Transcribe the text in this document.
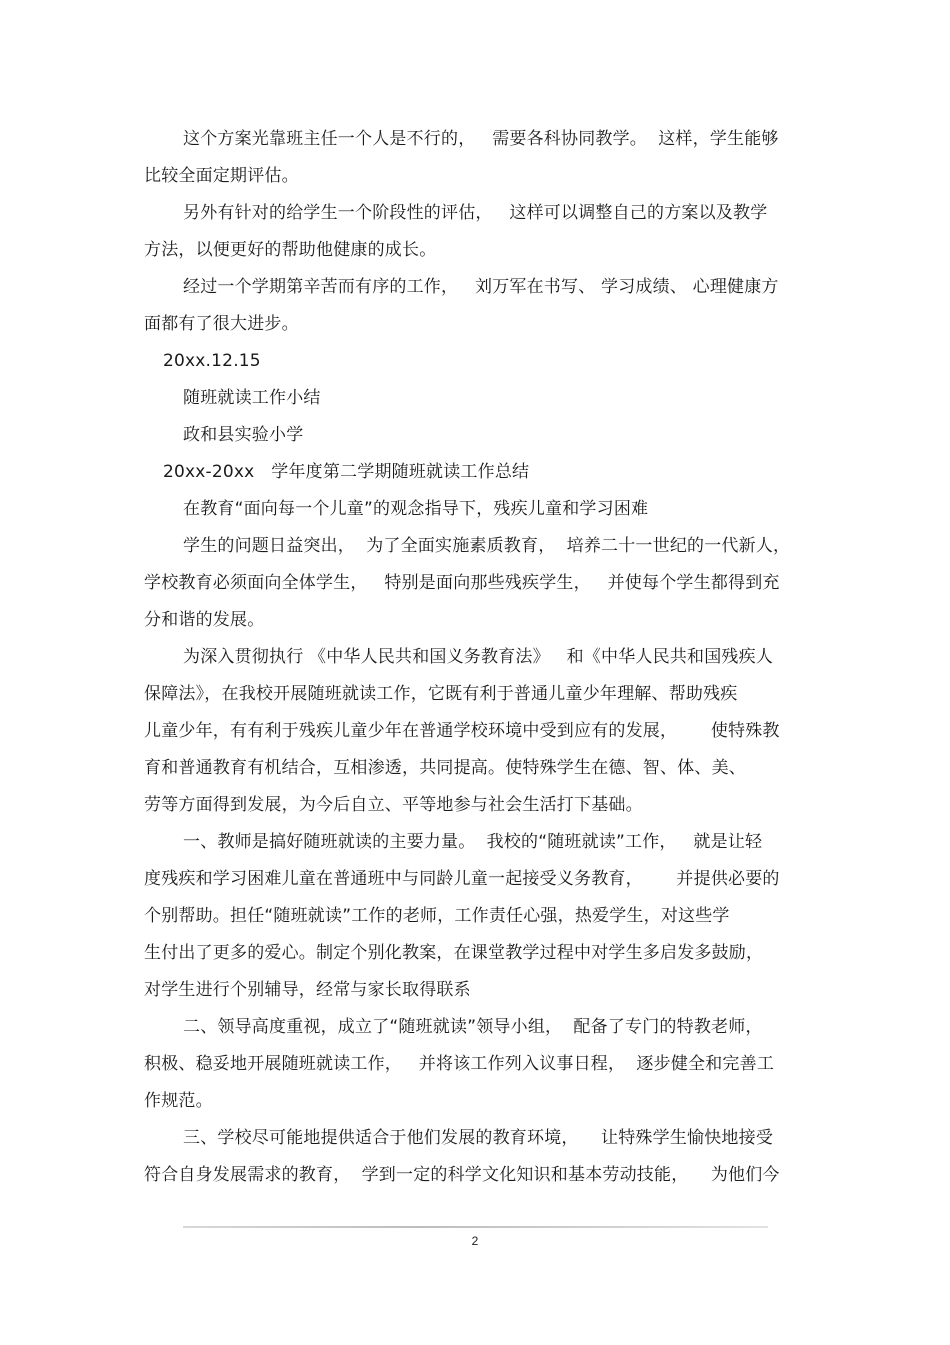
这个方案光靠班主任一个人是不行的，   需要各科协同教学。  这样，学生能够
比较全面定期评估。
另外有针对的给学生一个阶段性的评估，   这样可以调整自己的方案以及教学
方法，以便更好的帮助他健康的成长。
经过一个学期第辛苦而有序的工作，   刘万军在书写、 学习成绩、 心理健康方
面都有了很大进步。
20xx.12.15
随班就读工作小结
政和县实验小学
20xx-20xx   学年度第二学期随班就读工作总结
在教育“面向每一个儿童”的观念指导下，残疾儿童和学习困难
学生的问题日益突出，  为了全面实施素质教育，  培养二十一世纪的一代新人，
学校教育必须面向全体学生，   特别是面向那些残疾学生，   并使每个学生都得到充
分和谐的发展。
为深入贯彻执行 《中华人民共和国义务教育法》   和《中华人民共和国残疾人
保障法》，在我校开展随班就读工作，它既有利于普通儿童少年理解、帮助残疾
儿童少年，有有利于残疾儿童少年在普通学校环境中受到应有的发展，      使特殊教
育和普通教育有机结合，互相渗透，共同提高。使特殊学生在德、智、体、美、
劳等方面得到发展，为今后自立、平等地参与社会生活打下基础。
一、教师是搞好随班就读的主要力量。  我校的“随班就读”工作，   就是让轻
度残疾和学习困难儿童在普通班中与同龄儿童一起接受义务教育，      并提供必要的
个别帮助。担任“随班就读”工作的老师，工作责任心强，热爱学生，对这些学
生付出了更多的爱心。制定个别化教案，在课堂教学过程中对学生多启发多鼓励，
对学生进行个别辅导，经常与家长取得联系
二、领导高度重视，成立了“随班就读”领导小组，  配备了专门的特教老师，
积极、稳妥地开展随班就读工作，   并将该工作列入议事日程，  逐步健全和完善工
作规范。
三、学校尽可能地提供适合于他们发展的教育环境，    让特殊学生愉快地接受
符合自身发展需求的教育，  学到一定的科学文化知识和基本劳动技能，    为他们今
2
